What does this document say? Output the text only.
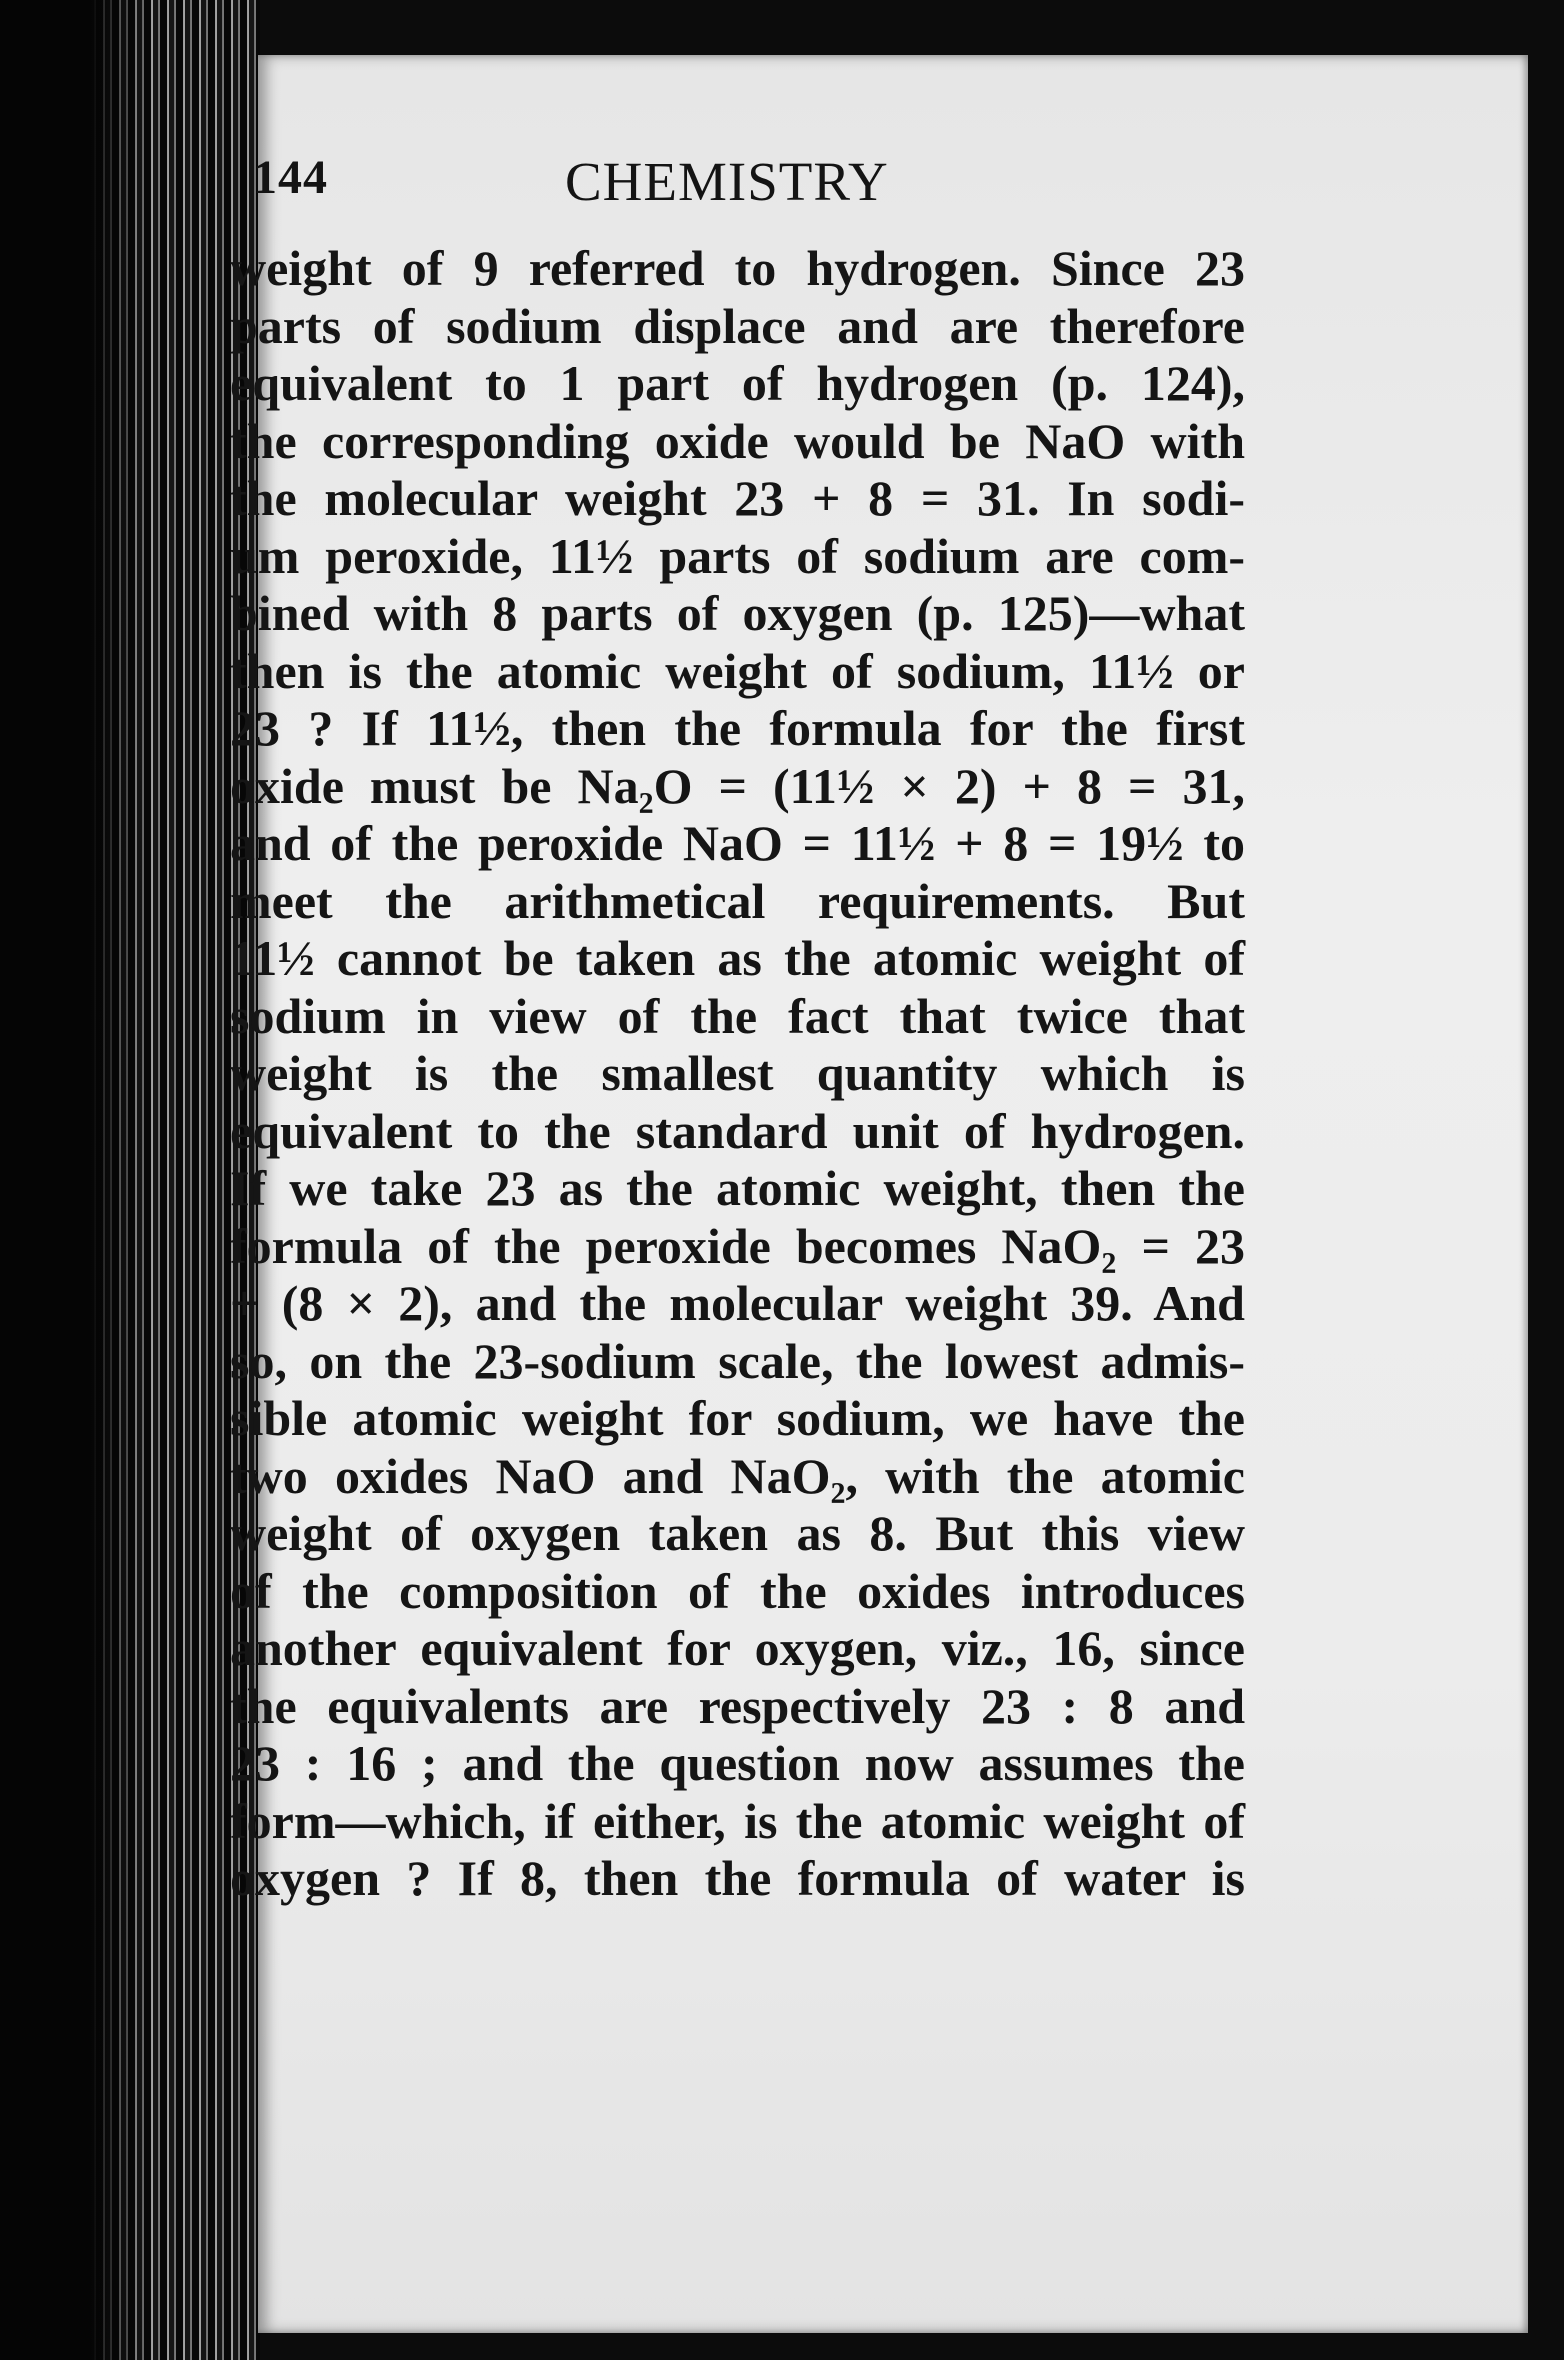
144	CHEMISTRY
weight of 9 referred to hydrogen. Since 23
parts of sodium displace and are therefore
equivalent to 1 part of hydrogen (p. 124),
the corresponding oxide would be NaO with
the molecular weight 23 + 8 = 31. In sodi-
um peroxide, 11½ parts of sodium are com-
bined with 8 parts of oxygen (p. 125)—what
then is the atomic weight of sodium, 11½ or
23 ? If 11½, then the formula for the first
oxide must be Na₂O = (11½ × 2) + 8 = 31,
and of the peroxide NaO = 11½ + 8 = 19½ to
meet the arithmetical requirements. But
11½ cannot be taken as the atomic weight of
sodium in view of the fact that twice that
weight is the smallest quantity which is
equivalent to the standard unit of hydrogen.
If we take 23 as the atomic weight, then the
formula of the peroxide becomes NaO₂ = 23
+ (8 × 2), and the molecular weight 39. And
so, on the 23-sodium scale, the lowest admis-
sible atomic weight for sodium, we have the
two oxides NaO and NaO₂, with the atomic
weight of oxygen taken as 8. But this view
of the composition of the oxides introduces
another equivalent for oxygen, viz., 16, since
the equivalents are respectively 23 : 8 and
23 : 16 ; and the question now assumes the
form—which, if either, is the atomic weight of
oxygen ? If 8, then the formula of water is
